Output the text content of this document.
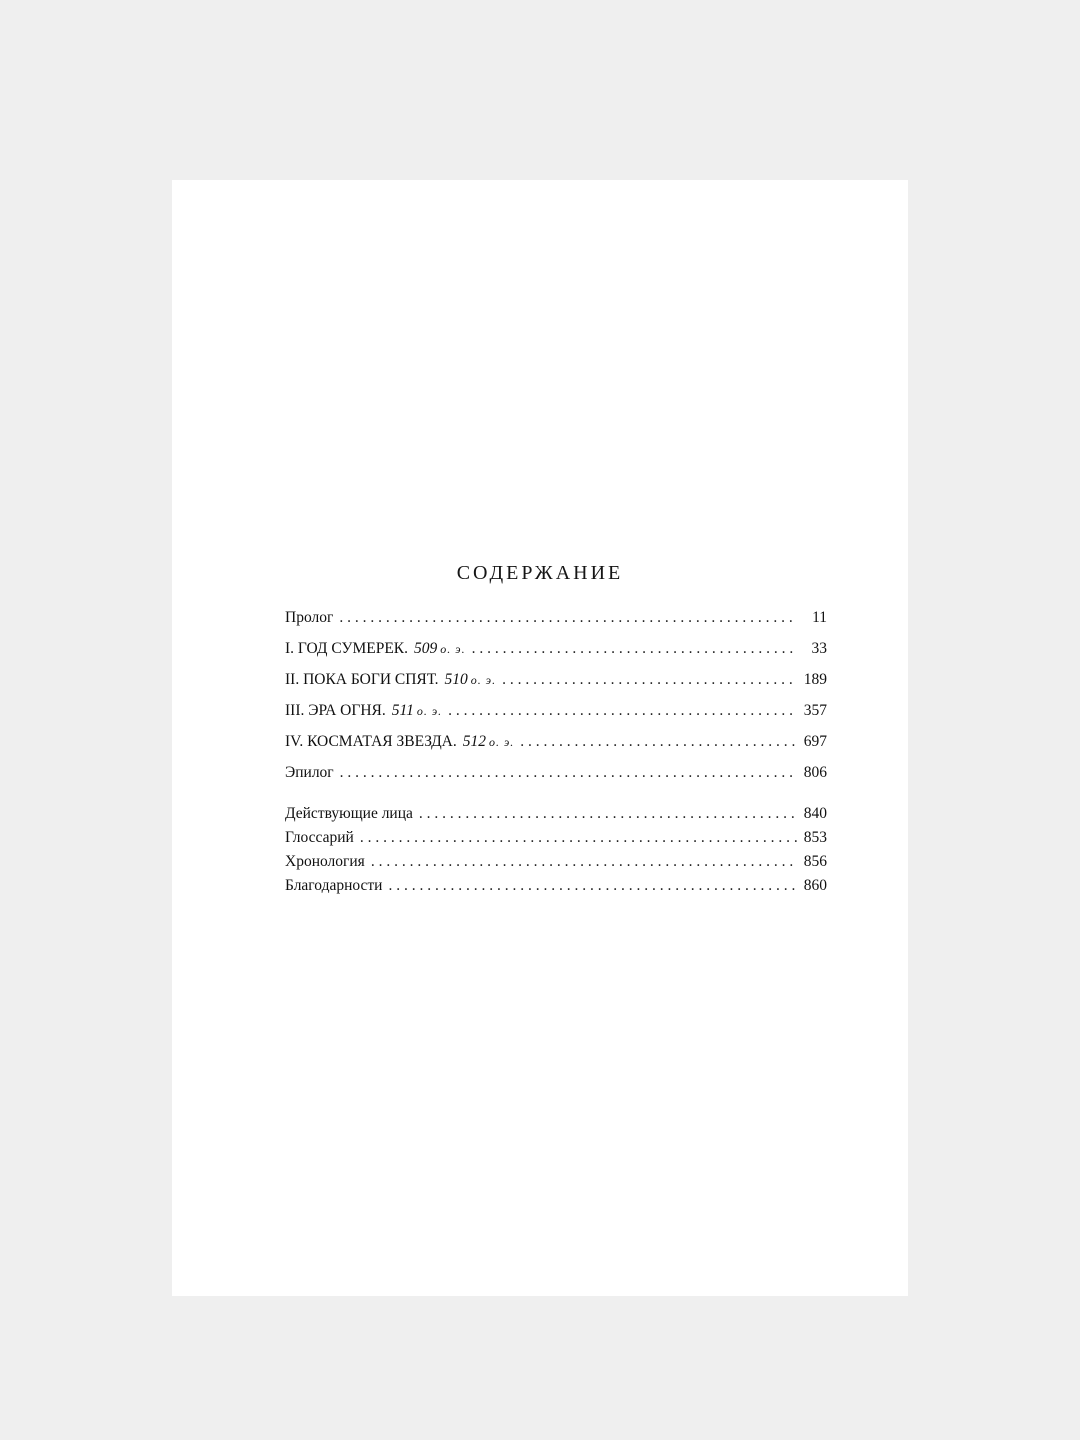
СОДЕРЖАНИЕ
Пролог . . .	11
I. ГОД СУМЕРЕК. 509 о. э. . . .	33
II. ПОКА БОГИ СПЯТ. 510 о. э. . . .	189
III. ЭРА ОГНЯ. 511 о. э. . . .	357
IV. КОСМАТАЯ ЗВЕЗДА. 512 о. э. . . .	697
Эпилог . . .	806
Действующие лица . . .	840
Глоссарий . . .	853
Хронология . . .	856
Благодарности . . .	860
